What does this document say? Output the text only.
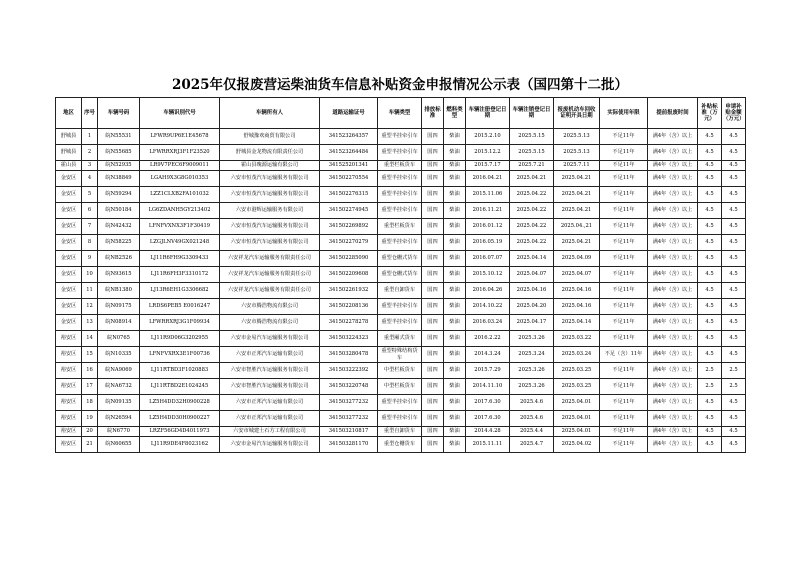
2025年仅报废营运柴油货车信息补贴资金申报情况公示表（国四第十二批）
地区	序号	车辆号码	车辆识别代号	车辆所有人	道路运输证号	车辆类型	排放标准	燃料类型	车辆注册登记日期	车辆注销登记日期	报废机动车回收证明开具日期	实际使用年限	提前报废时间	补贴标准（万元）	申请补贴金额（万元）
舒城县	1	皖N55531	LFWR9UP6E1E45678	舒城豫欢商贸有限公司	341523264357	重型半挂牵引车	国四	柴油	2015.2.10	2025.5.15	2025.5.13	不足11年	满4年（含）以上	4.5	4.5
舒城县	2	皖N55685	LFWRRXRJ3F1F23520	舒城县金龙物流有限责任公司	341523264484	重型半挂牵引车	国四	柴油	2015.12.2	2025.5.15	2025.5.13	不足11年	满4年（含）以上	4.5	4.5
霍山县	3	皖N52935	LR9V7PEC6F9009011	霍山县瑰源运输有限公司	341525201341	重型栏板货车	国四	柴油	2015.7.17	2025.7.21	2025.7.11	不足11年	满4年（含）以上	4.5	4.5
金安区	4	皖N38849	LGAH9X3G8G010353	六安市恒茂汽车运输服务有限公司	341502270554	重型半挂牵引车	国四	柴油	2016.04.21	2025.04.21	2025.04.21	不足11年	满4年（含）以上	4.5	4.5
金安区	5	皖N59294	LZZ1CLXB2FA101032	六安市恒茂汽车运输服务有限公司	341502276315	重型半挂牵引车	国四	柴油	2015.11.06	2025.04.22	2025.04.21	不足11年	满4年（含）以上	4.5	4.5
金安区	6	皖N50184	LG6ZDANH5GY213402	六安市港辉运输服务有限公司	341502274945	重型半挂牵引车	国四	柴油	2016.11.21	2025.04.22	2025.04.21	不足11年	满4年（含）以上	4.5	4.5
金安区	7	皖N42432	LFNFVXNX3F1F30419	六安市恒茂汽车运输服务有限公司	341502269892	重型栏板货车	国四	柴油	2016.01.12	2025.04.22	2025.04.,21	不足11年	满4年（含）以上	4.5	4.5
金安区	8	皖N58225	LZGJLNV49GX021248	六安市恒茂汽车运输服务有限公司	341502270279	重型半挂牵引车	国四	柴油	2016.05.19	2025.04.22	2025.04.21	不足11年	满4年（含）以上	4.5	4.5
金安区	9	皖NB2526	LJ11R6FH9G3309433	六安祥龙汽车运输服务有限责任公司	341502285090	重型仓栅式货车	国四	柴油	2016.07.07	2025.04.14	2025.04.09	不足11年	满4年（含）以上	4.5	4.5
金安区	10	皖N93615	LJ11R6FH3F3310172	六安祥龙汽车运输服务有限责任公司	341502209608	重型仓栅式货车	国四	柴油	2015.10.12	2025.04.07	2025.04.07	不足11年	满4年（含）以上	4.5	4.5
金安区	11	皖NB1380	LJ13R6EH1G3306682	六安祥龙汽车运输服务有限责任公司	341502261932	重型自卸货车	国四	柴油	2016.04.26	2025.04.16	2025.04.16	不足11年	满4年（含）以上	4.5	4.5
金安区	12	皖N09175	LRDS6PEB5 E0016247	六安市腾浩物流有限公司	341502208136	重型半挂牵引车	国四	柴油	2014.10.22	2025.04.20	2025.04.16	不足11年	满4年（含）以上	4.5	4.5
金安区	13	皖N08914	LFWRRXRJ3G1F09934	六安市腾浩物流有限公司	341502278278	重型半挂牵引车	国四	柴油	2016.03.24	2025.04.17	2025.04.14	不足11年	满4年（含）以上	4.5	4.5
裕安区	14	皖N0765	LJ11R9D06G3202955	六安市金易汽车运输服务有限公司	341503224323	重型厢式货车	国四	柴油	2016.2.22	2025.3.26	2025.03.22	不足11年	满4年（含）以上	4.5	4.5
裕安区	15	皖N10335	LFNFVXRX3E1F00736	六安市正邦汽车运输有限公司	341503280478	重型特殊结构货车	国四	柴油	2014.3.24	2025.3.24	2025.03.24	不足（含）11年	满4年（含）以上	4.5	4.5
裕安区	16	皖NA9069	LJ11RTBD3F1020883	六安市智胜汽车运输服务有限公司	341503222392	中型栏板货车	国四	柴油	2015.7.29	2025.3.26	2025.03.25	不足11年	满4年（含）以上	2.5	2.5
裕安区	17	皖NA6732	LJ11RTBD2E1024245	六安市智胜汽车运输服务有限公司	341503220748	中型栏板货车	国四	柴油	2014.11.10	2025.3.26	2025.03.25	不足11年	满4年（含）以上	2.5	2.5
裕安区	18	皖N09135	LZ5H4DD32H0900228	六安市正邦汽车运输有限公司	341503277232	重型半挂牵引车	国四	柴油	2017.6.30	2025.4.6	2025.04.01	不足11年	满4年（含）以上	4.5	4.5
裕安区	19	皖N26594	LZ5H4DD30H0900227	六安市正邦汽车运输有限公司	341503277232	重型半挂牵引车	国四	柴油	2017.6.30	2025.4.6	2025.04.01	不足11年	满4年（含）以上	4.5	4.5
裕安区	20	皖N6770	LRZF56GD4D4011973	六安市城建土石方工程有限公司	341503210817	重型自卸货车	国四	柴油	2014.4.28	2025.4.4	2025.04.01	不足11年	满4年（含）以上	4.5	4.5
裕安区	21	皖N60655	LJ11R9DE4F8023162	六安市金易汽车运输服务有限公司	341503281170	重型仓栅货车	国四	柴油	2015.11.11	2025.4.7	2025.04.02	不足11年	满4年（含）以上	4.5	4.5
